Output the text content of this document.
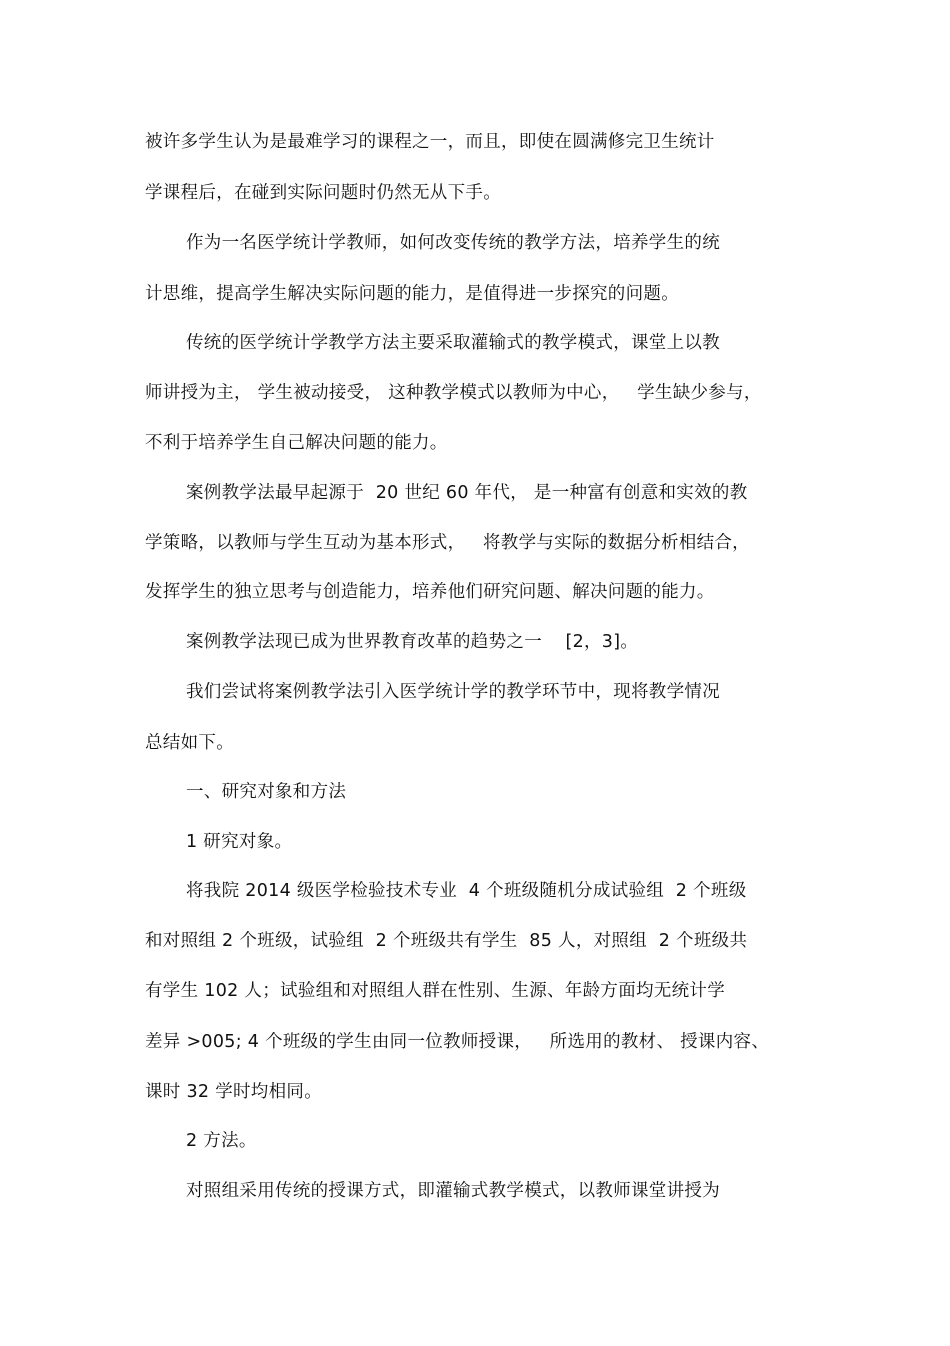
被许多学生认为是最难学习的课程之一，而且，即使在圆满修完卫生统计
学课程后，在碰到实际问题时仍然无从下手。
作为一名医学统计学教师，如何改变传统的教学方法，培养学生的统
计思维，提高学生解决实际问题的能力，是值得进一步探究的问题。
传统的医学统计学教学方法主要采取灌输式的教学模式，课堂上以教
师讲授为主， 学生被动接受， 这种教学模式以教师为中心，   学生缺少参与，
不利于培养学生自己解决问题的能力。
案例教学法最早起源于  20 世纪 60 年代， 是一种富有创意和实效的教
学策略，以教师与学生互动为基本形式，   将教学与实际的数据分析相结合，
发挥学生的独立思考与创造能力，培养他们研究问题、解决问题的能力。
案例教学法现已成为世界教育改革的趋势之一    [2，3]。
我们尝试将案例教学法引入医学统计学的教学环节中，现将教学情况
总结如下。
一、研究对象和方法
1 研究对象。
将我院 2014 级医学检验技术专业  4 个班级随机分成试验组  2 个班级
和对照组 2 个班级，试验组  2 个班级共有学生  85 人，对照组  2 个班级共
有学生 102 人；试验组和对照组人群在性别、生源、年龄方面均无统计学
差异 >005; 4 个班级的学生由同一位教师授课，   所选用的教材、 授课内容、
课时 32 学时均相同。
2 方法。
对照组采用传统的授课方式，即灌输式教学模式，以教师课堂讲授为
